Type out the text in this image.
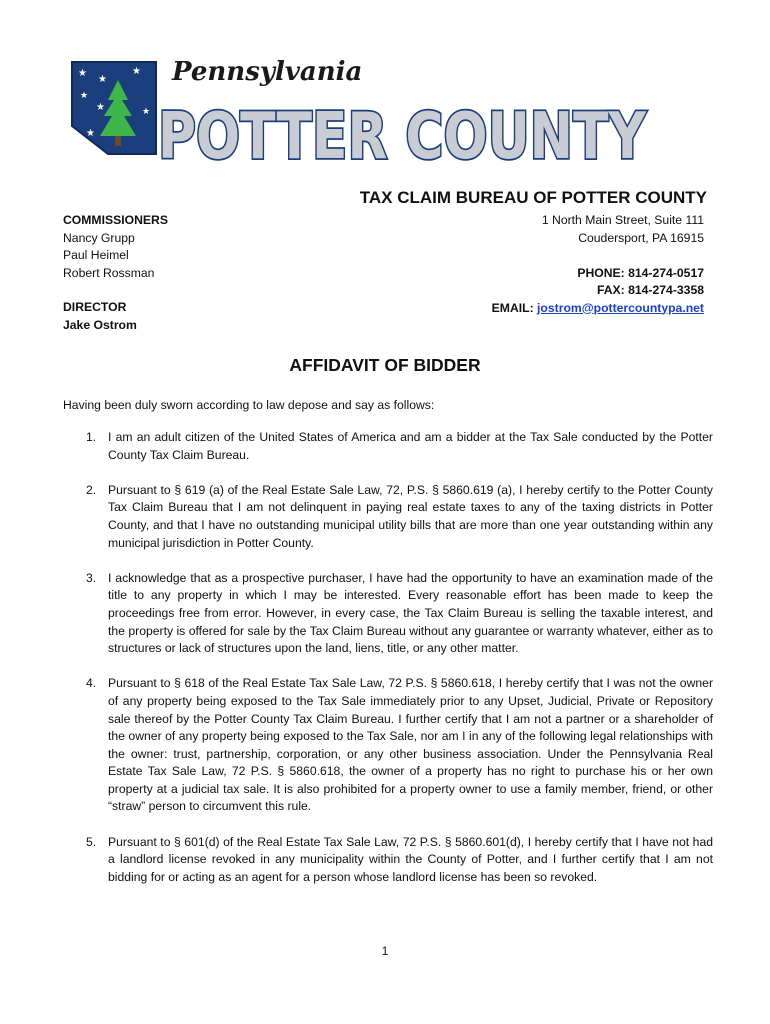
★
★
★
★
★	★
★
Pennsylvania
POTTER COUNTY
TAX CLAIM BUREAU OF POTTER COUNTY
COMMISSIONERS
Nancy Grupp
Paul Heimel
Robert Rossman
DIRECTOR
Jake Ostrom
1 North Main Street, Suite 111
Coudersport, PA 16915
PHONE: 814-274-0517
FAX: 814-274-3358
EMAIL: jostrom@pottercountypa.net
AFFIDAVIT OF BIDDER
Having been duly sworn according to law depose and say as follows:
1. I am an adult citizen of the United States of America and am a bidder at the Tax Sale conducted by the Potter County Tax Claim Bureau.
2. Pursuant to § 619 (a) of the Real Estate Sale Law, 72, P.S. § 5860.619 (a), I hereby certify to the Potter County Tax Claim Bureau that I am not delinquent in paying real estate taxes to any of the taxing districts in Potter County, and that I have no outstanding municipal utility bills that are more than one year outstanding within any municipal jurisdiction in Potter County.
3. I acknowledge that as a prospective purchaser, I have had the opportunity to have an examination made of the title to any property in which I may be interested. Every reasonable effort has been made to keep the proceedings free from error. However, in every case, the Tax Claim Bureau is selling the taxable interest, and the property is offered for sale by the Tax Claim Bureau without any guarantee or warranty whatever, either as to structures or lack of structures upon the land, liens, title, or any other matter.
4. Pursuant to § 618 of the Real Estate Tax Sale Law, 72 P.S. § 5860.618, I hereby certify that I was not the owner of any property being exposed to the Tax Sale immediately prior to any Upset, Judicial, Private or Repository sale thereof by the Potter County Tax Claim Bureau. I further certify that I am not a partner or a shareholder of the owner of any property being exposed to the Tax Sale, nor am I in any of the following legal relationships with the owner: trust, partnership, corporation, or any other business association. Under the Pennsylvania Real Estate Tax Sale Law, 72 P.S. § 5860.618, the owner of a property has no right to purchase his or her own property at a judicial tax sale. It is also prohibited for a property owner to use a family member, friend, or other “straw” person to circumvent this rule.
5. Pursuant to § 601(d) of the Real Estate Tax Sale Law, 72 P.S. § 5860.601(d), I hereby certify that I have not had a landlord license revoked in any municipality within the County of Potter, and I further certify that I am not bidding for or acting as an agent for a person whose landlord license has been so revoked.
1
